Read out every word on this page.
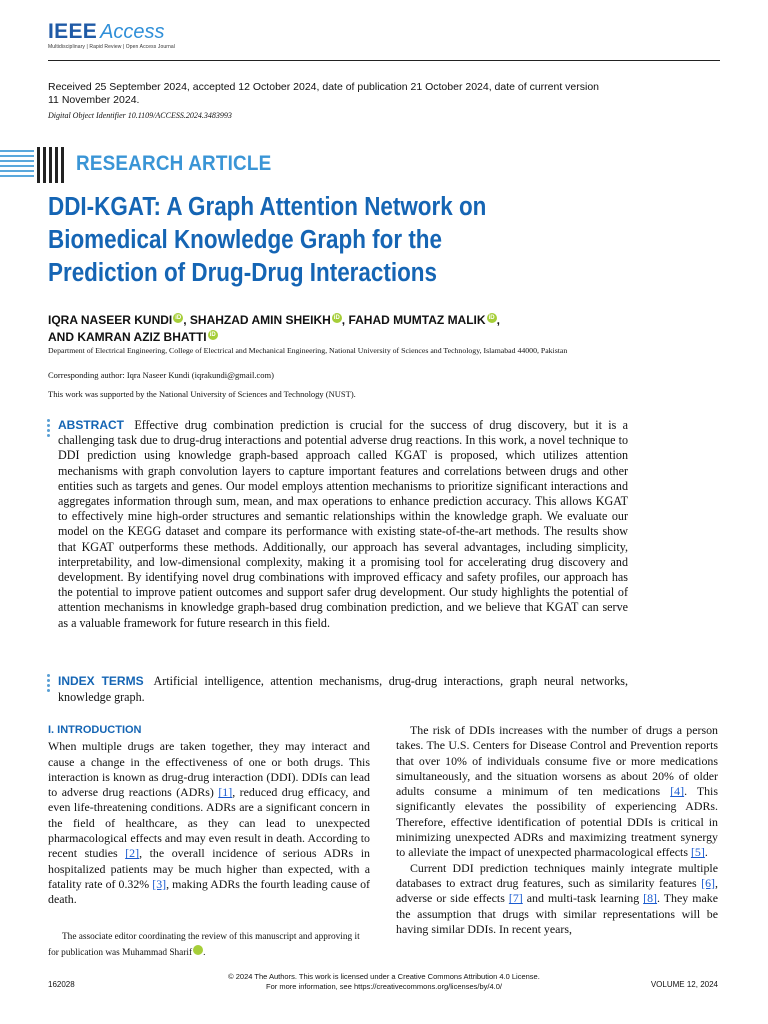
IEEE Access
Multidisciplinary | Rapid Review | Open Access Journal
Received 25 September 2024, accepted 12 October 2024, date of publication 21 October 2024, date of current version 11 November 2024.
Digital Object Identifier 10.1109/ACCESS.2024.3483993
RESEARCH ARTICLE
DDI-KGAT: A Graph Attention Network on Biomedical Knowledge Graph for the Prediction of Drug-Drug Interactions
IQRA NASEER KUNDI iD , SHAHZAD AMIN SHEIKH iD , FAHAD MUMTAZ MALIK iD ,
AND KAMRAN AZIZ BHATTI iD
Department of Electrical Engineering, College of Electrical and Mechanical Engineering, National University of Sciences and Technology, Islamabad 44000, Pakistan
Corresponding author: Iqra Naseer Kundi (iqrakundi@gmail.com)
This work was supported by the National University of Sciences and Technology (NUST).
ABSTRACT Effective drug combination prediction is crucial for the success of drug discovery, but it is a challenging task due to drug-drug interactions and potential adverse drug reactions. In this work, a novel technique to DDI prediction using knowledge graph-based approach called KGAT is proposed, which utilizes attention mechanisms with graph convolution layers to capture important features and correlations between drugs and other entities such as targets and genes. Our model employs attention mechanisms to prioritize significant interactions and aggregates information through sum, mean, and max operations to enhance prediction accuracy. This allows KGAT to effectively mine high-order structures and semantic relationships within the knowledge graph. We evaluate our model on the KEGG dataset and compare its performance with existing state-of-the-art methods. The results show that KGAT outperforms these methods. Additionally, our approach has several advantages, including simplicity, interpretability, and low-dimensional complexity, making it a promising tool for accelerating drug discovery and development. By identifying novel drug combinations with improved efficacy and safety profiles, our approach has the potential to improve patient outcomes and support safer drug development. Our study highlights the potential of attention mechanisms in knowledge graph-based drug combination prediction, and we believe that KGAT can serve as a valuable framework for future research in this field.
INDEX TERMS Artificial intelligence, attention mechanisms, drug-drug interactions, graph neural networks, knowledge graph.
I. INTRODUCTION
When multiple drugs are taken together, they may interact and cause a change in the effectiveness of one or both drugs. This interaction is known as drug-drug interaction (DDI). DDIs can lead to adverse drug reactions (ADRs) [1], reduced drug efficacy, and even life-threatening conditions. ADRs are a significant concern in the field of healthcare, as they can lead to unexpected pharmacological effects and may even result in death. According to recent studies [2], the overall incidence of serious ADRs in hospitalized patients may be much higher than expected, with a fatality rate of 0.32% [3], making ADRs the fourth leading cause of death.
The associate editor coordinating the review of this manuscript and approving it for publication was Muhammad Sharif	iD.
The risk of DDIs increases with the number of drugs a person takes. The U.S. Centers for Disease Control and Prevention reports that over 10% of individuals consume five or more medications simultaneously, and the situation worsens as about 20% of older adults consume a minimum of ten medications [4]. This significantly elevates the possibility of experiencing ADRs. Therefore, effective identification of potential DDIs is critical in minimizing unexpected ADRs and maximizing treatment synergy to alleviate the impact of unexpected pharmacological effects [5].
Current DDI prediction techniques mainly integrate multiple databases to extract drug features, such as similarity features [6], adverse or side effects [7] and multi-task learning [8]. They make the assumption that drugs with similar representations will be having similar DDIs. In recent years,
© 2024 The Authors. This work is licensed under a Creative Commons Attribution 4.0 License.
For more information, see https://creativecommons.org/licenses/by/4.0/
162028	VOLUME 12, 2024
